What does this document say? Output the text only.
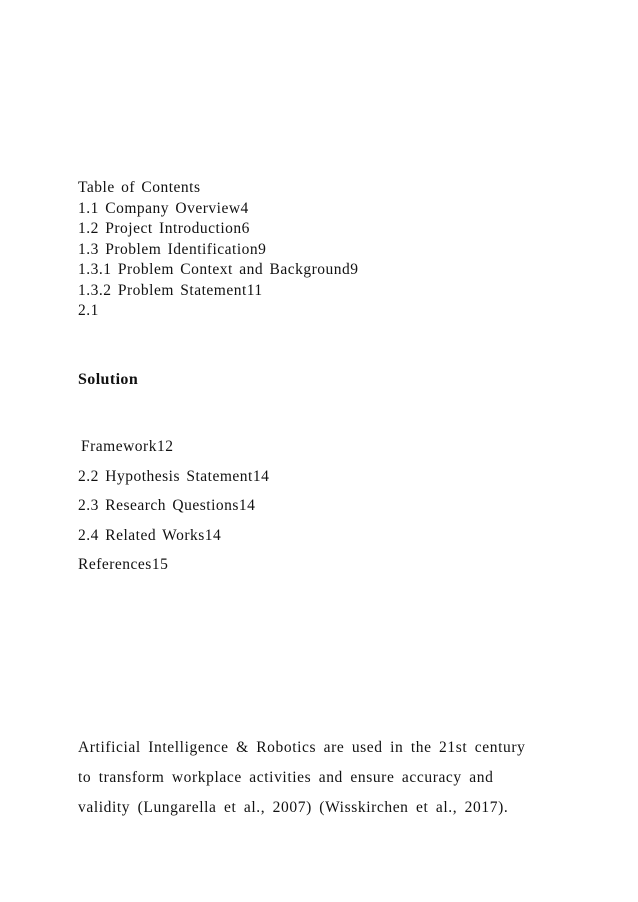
Table of Contents
1.1 Company Overview4
1.2 Project Introduction6
1.3 Problem Identification9
1.3.1 Problem Context and Background9
1.3.2 Problem Statement11
2.1
Solution
Framework12
2.2 Hypothesis Statement14
2.3 Research Questions14
2.4 Related Works14
References15
Artificial Intelligence & Robotics are used in the 21st century
to transform workplace activities and ensure accuracy and
validity (Lungarella et al., 2007) (Wisskirchen et al., 2017).
